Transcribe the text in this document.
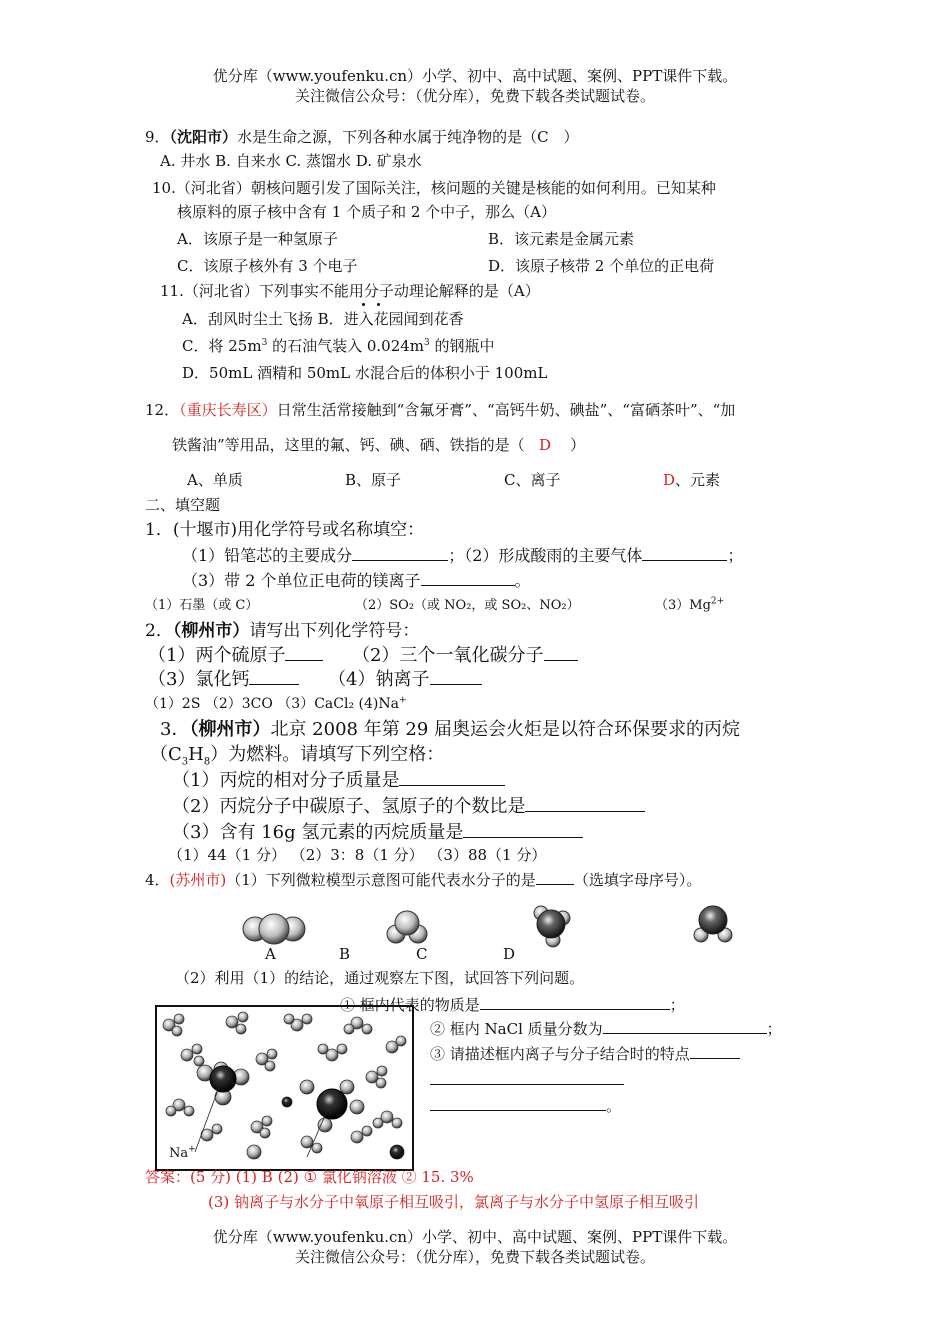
优分库（www.youfenku.cn）小学、初中、高中试题、案例、PPT课件下载。
关注微信公众号：（优分库），免费下载各类试题试卷。
9．（沈阳市）水是生命之源，下列各种水属于纯净物的是（C　）
A. 井水 B. 自来水 C. 蒸馏水 D. 矿泉水
10.（河北省）朝核问题引发了国际关注，核问题的关键是核能的如何利用。已知某种
核原料的原子核中含有 1 个质子和 2 个中子，那么（A）
A．该原子是一种氢原子	B．该元素是金属元素
C．该原子核外有 3 个电子	D．该原子核带 2 个单位的正电荷
11.（河北省）下列事实不能用分子动理论解释的是（A）
A．刮风时尘土飞扬 B．进入花园闻到花香
C．将 $25m^3$ 的石油气装入 $0.024m^3$ 的钢瓶中
D．50mL 酒精和 50mL 水混合后的体积小于 100mL
12．（重庆长寿区）日常生活常接触到“含氟牙膏”、“高钙牛奶、碘盐”、“富硒茶叶”、“加
铁酱油”等用品，这里的氟、钙、碘、硒、铁指的是（ D ）
A、单质	B、原子	C、离子	D、元素
二、填空题
1．(十堰市)用化学符号或名称填空：
（1）铅笔芯的主要成分	；（2）形成酸雨的主要气体	；
（3）带 2 个单位正电荷的镁离子	。
（1）石墨（或 C）	（2）SO₂（或 NO₂，或 SO₂、NO₂）	$(3)Mg^{2+}$
2．（柳州市）请写出下列化学符号：
（1）两个硫原子	（2）三个一氧化碳分子
（3）氯化钙	（4）钠离子
（1）2S （2）3CO （3）CaCl₂ (4)Na+
3．（柳州市）北京 2008 年第 29 届奥运会火炬是以符合环保要求的丙烷
$(C_3H_8)$为燃料。请填写下列空格：
（1）丙烷的相对分子质量是
（2）丙烷分子中碳原子、氢原子的个数比是
（3）含有 16g 氢元素的丙烷质量是
（1）44（1 分） （2）3：8（1 分） （3）88（1 分）
4．(苏州市)（1）下列微粒模型示意图可能代表水分子的是	（选填字母序号）。
A	B	C	D
（2）利用（1）的结论，通过观察左下图，试回答下列问题。
Na+
① 框内代表的物质是	；
② 框内 NaCl 质量分数为	；
③ 请描述框内离子与分子结合时的特点
。
答案：(5 分) (1) B (2) ① 氯化钠溶液 ② 15. 3%
(3) 钠离子与水分子中氧原子相互吸引，氯离子与水分子中氢原子相互吸引
优分库（www.youfenku.cn）小学、初中、高中试题、案例、PPT课件下载。
关注微信公众号：（优分库），免费下载各类试题试卷。
